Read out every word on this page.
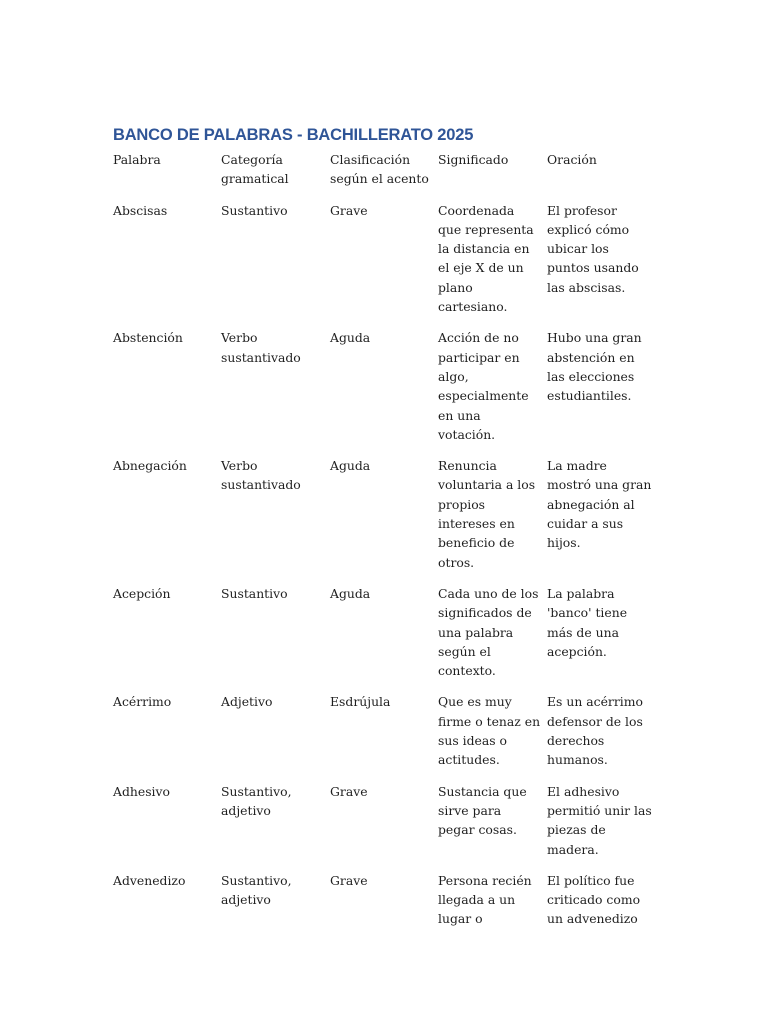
BANCO DE PALABRAS - BACHILLERATO 2025
Palabra	Categoría gramatical	Clasificación según el acento	Significado	Oración
Abscisas	Sustantivo	Grave	Coordenada que representa la distancia en el eje X de un plano cartesiano.	El profesor explicó cómo ubicar los puntos usando las abscisas.
Abstención	Verbo sustantivado	Aguda	Acción de no participar en algo, especialmente en una votación.	Hubo una gran abstención en las elecciones estudiantiles.
Abnegación	Verbo sustantivado	Aguda	Renuncia voluntaria a los propios intereses en beneficio de otros.	La madre mostró una gran abnegación al cuidar a sus hijos.
Acepción	Sustantivo	Aguda	Cada uno de los significados de una palabra según el contexto.	La palabra 'banco' tiene más de una acepción.
Acérrimo	Adjetivo	Esdrújula	Que es muy firme o tenaz en sus ideas o actitudes.	Es un acérrimo defensor de los derechos humanos.
Adhesivo	Sustantivo, adjetivo	Grave	Sustancia que sirve para pegar cosas.	El adhesivo permitió unir las piezas de madera.
Advenedizo	Sustantivo, adjetivo	Grave	Persona recién llegada a un lugar o	El político fue criticado como un advenedizo
